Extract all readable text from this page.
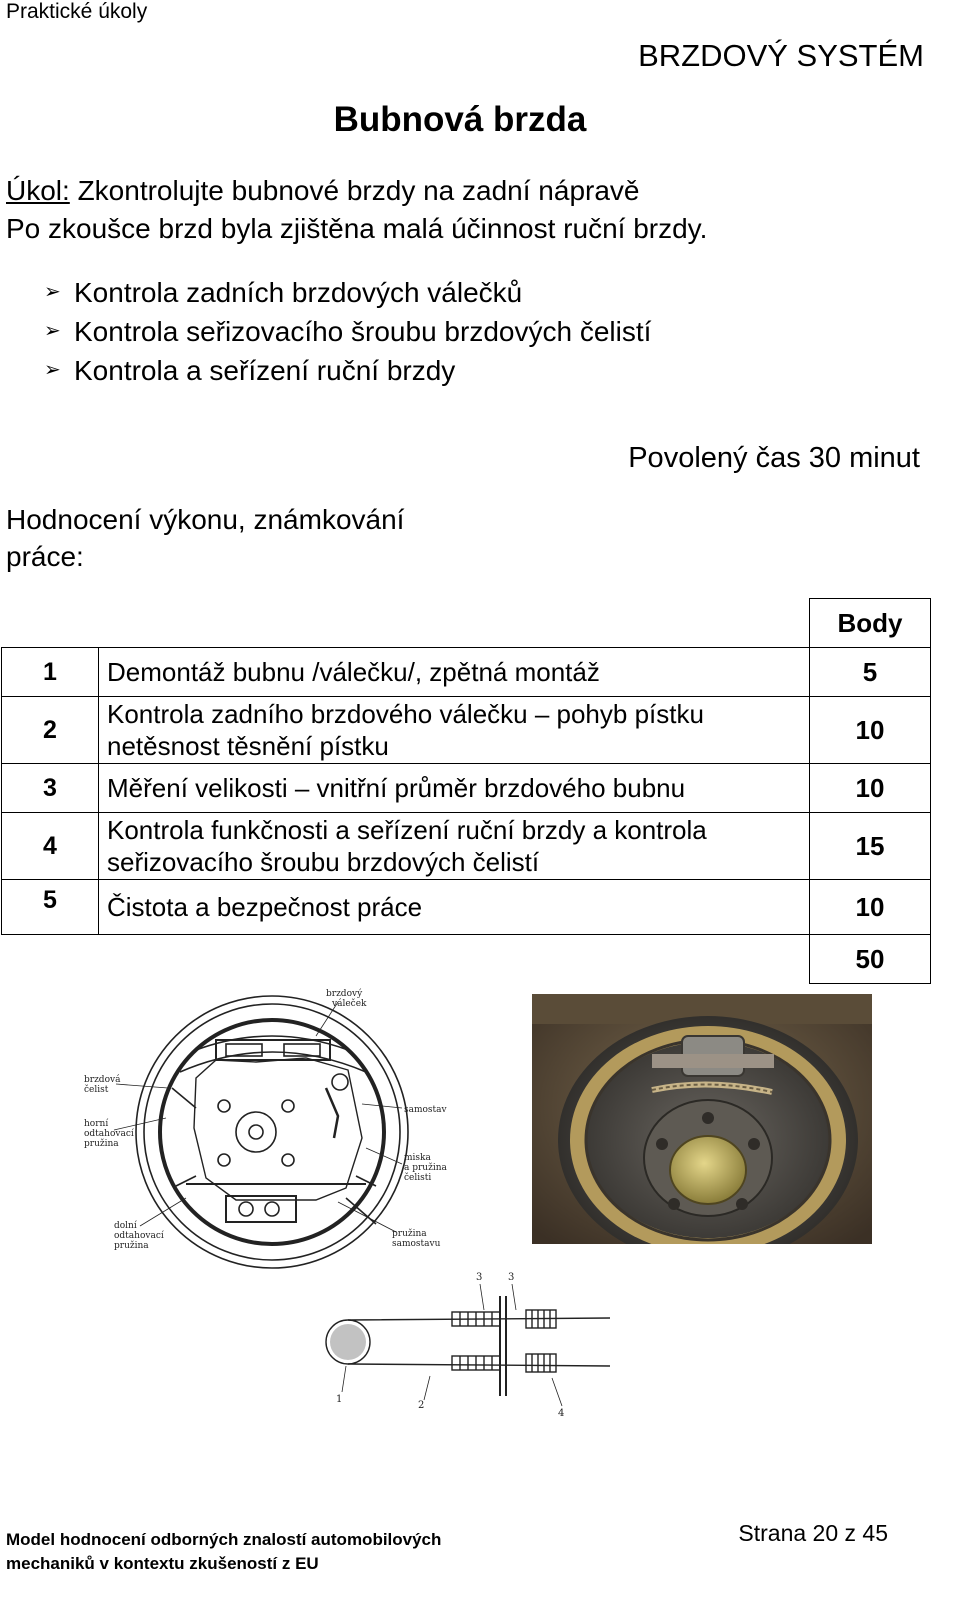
Praktické úkoly
BRZDOVÝ SYSTÉM
Bubnová brzda
Úkol: Zkontrolujte bubnové brzdy na zadní nápravě
Po zkoušce brzd byla zjištěna malá účinnost ruční brzdy.
➢ Kontrola zadních brzdových válečků
➢ Kontrola seřizovacího šroubu brzdových čelistí
➢ Kontrola a seřízení ruční brzdy
Povolený čas 30 minut
Hodnocení výkonu, známkování práce:
		Body
1	Demontáž bubnu /válečku/, zpětná montáž	5
2	Kontrola zadního brzdového válečku – pohyb pístku netěsnost těsnění pístku	10
3	Měření velikosti – vnitřní průměr brzdového bubnu	10
4	Kontrola funkčnosti a seřízení ruční brzdy a kontrola seřizovacího šroubu brzdových čelistí	15
5	Čistota a bezpečnost práce	10
		50
brzdový
váleček
brzdová
čelist
horní
odtahovací
pružina
samostav
miska
a pružina
čelisti
dolní
odtahovací
pružina
pružina
samostavu
3	3
1
2
4
Model hodnocení odborných znalostí automobilových
mechaniků v kontextu zkušeností z EU
Strana 20 z 45
